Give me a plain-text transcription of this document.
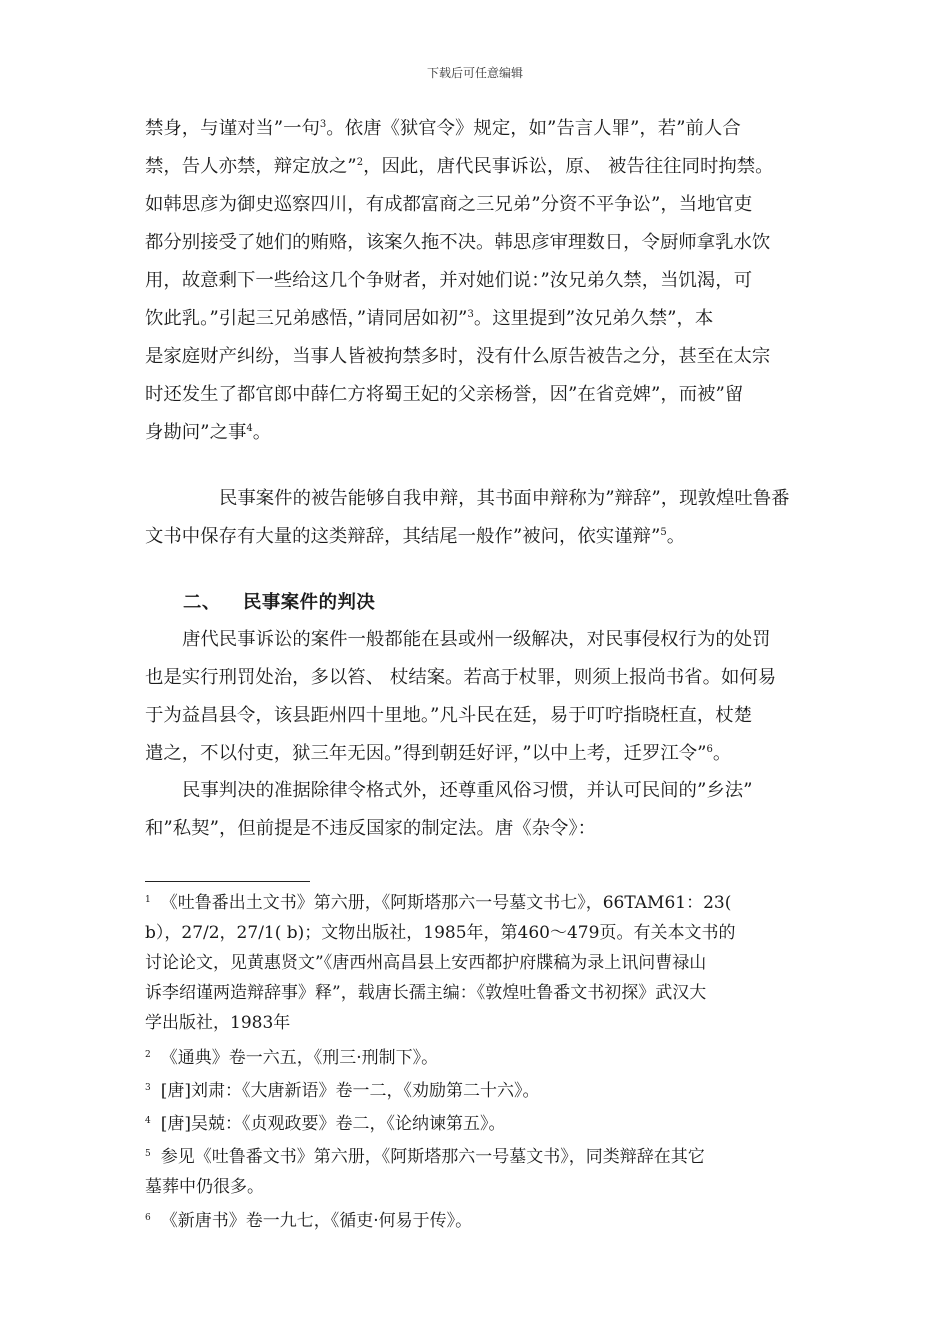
下载后可任意编辑
禁身，与谨对当”一句$^3$。依唐《狱官令》规定，如”告言人罪”，若”前人合
禁，告人亦禁，辩定放之”$^2$，因此，唐代民事诉讼，原、 被告往往同时拘禁。
如韩思彦为御史巡察四川，有成都富商之三兄弟”分资不平争讼”，当地官吏
都分别接受了她们的贿赂，该案久拖不决。韩思彦审理数日，令厨师拿乳水饮
用，故意剩下一些给这几个争财者，并对她们说：”汝兄弟久禁，当饥渴，可
饮此乳。”引起三兄弟感悟，”请同居如初”$^3$。这里提到”汝兄弟久禁”，本
是家庭财产纠纷，当事人皆被拘禁多时，没有什么原告被告之分，甚至在太宗
时还发生了都官郎中薛仁方将蜀王妃的父亲杨誉，因”在省竞婢”，而被”留
身勘问”之事$^4$。
民事案件的被告能够自我申辩，其书面申辩称为”辩辞”，现敦煌吐鲁番
文书中保存有大量的这类辩辞，其结尾一般作”被问，依实谨辩”$^5$。
二、 民事案件的判决
唐代民事诉讼的案件一般都能在县或州一级解决，对民事侵权行为的处罚
也是实行刑罚处治，多以笞、 杖结案。若高于杖罪，则须上报尚书省。如何易
于为益昌县令，该县距州四十里地。”凡斗民在廷，易于叮咛指晓枉直，杖楚
遣之，不以付吏，狱三年无因。”得到朝廷好评，”以中上考，迁罗江令”$^6$。
民事判决的准据除律令格式外，还尊重风俗习惯，并认可民间的”乡法”
和”私契”，但前提是不违反国家的制定法。唐《杂令》：
$^1$ 《吐鲁番出土文书》第六册，《阿斯塔那六一号墓文书七》，66TAM61：23(
b），27/2，27/1( b)；文物出版社，1985年，第460～479页。有关本文书的
讨论论文，见黄惠贤文”《唐西州高昌县上安西都护府牒稿为录上讯问曹禄山
诉李绍谨两造辩辞事》释”，载唐长孺主编：《敦煌吐鲁番文书初探》武汉大
学出版社，1983年
$^2$ 《通典》卷一六五，《刑三·刑制下》。
$^3$ [唐]刘肃：《大唐新语》卷一二，《劝励第二十六》。
$^4$ [唐]吴兢：《贞观政要》卷二，《论纳谏第五》。
$^5$ 参见《吐鲁番文书》第六册，《阿斯塔那六一号墓文书》，同类辩辞在其它
墓葬中仍很多。
$^6$ 《新唐书》卷一九七，《循吏·何易于传》。
